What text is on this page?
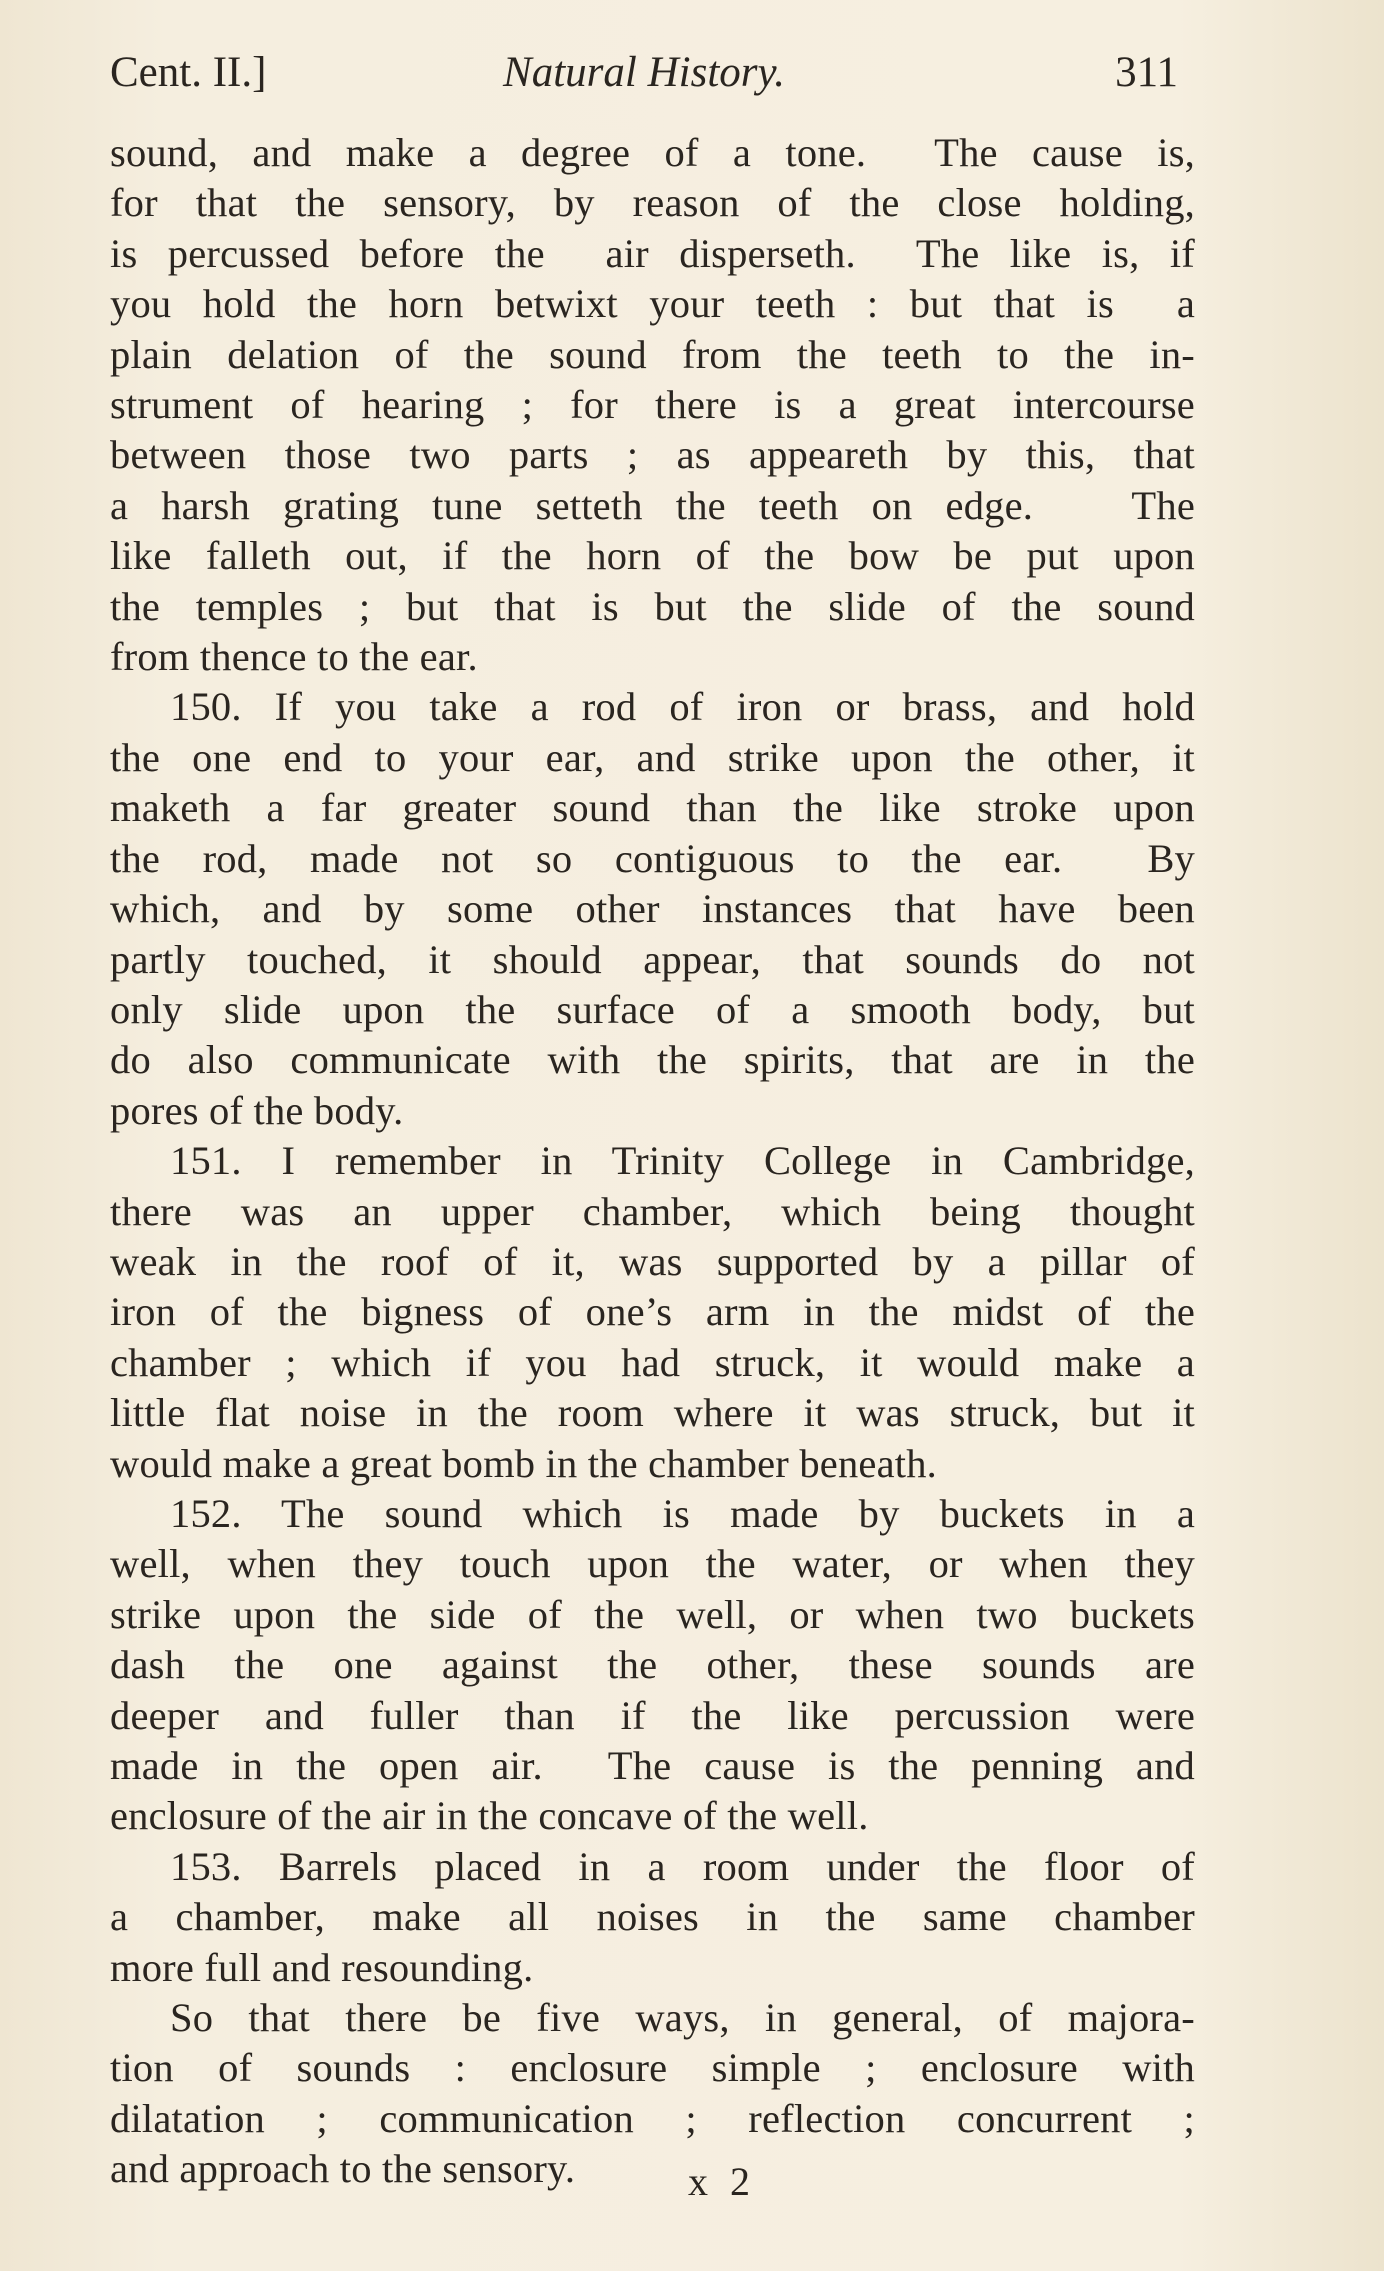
Cent. II.]	Natural History.	311
sound, and make a degree of a tone.  The cause is,
for that the sensory, by reason of the close holding,
is percussed before the  air disperseth.  The like is, if
you hold the horn betwixt your teeth : but that is  a
plain delation of the sound from the teeth to the in-
strument of hearing ; for there is a great intercourse
between those two parts ; as appeareth by this, that
a harsh grating tune setteth the teeth on edge.   The
like falleth out, if the horn of the bow be put upon
the temples ; but that is but the slide of the sound
from thence to the ear.
150. If you take a rod of iron or brass, and hold
the one end to your ear, and strike upon the other, it
maketh a far greater sound than the like stroke upon
the rod, made not so contiguous to the ear.  By
which, and by some other instances that have been
partly touched, it should appear, that sounds do not
only slide upon the surface of a smooth body, but
do also communicate with the spirits, that are in the
pores of the body.
151. I remember in Trinity College in Cambridge,
there was an upper chamber, which being thought
weak in the roof of it, was supported by a pillar of
iron of the bigness of one’s arm in the midst of the
chamber ; which if you had struck, it would make a
little flat noise in the room where it was struck, but it
would make a great bomb in the chamber beneath.
152. The sound which is made by buckets in a
well, when they touch upon the water, or when they
strike upon the side of the well, or when two buckets
dash the one against the other, these sounds are
deeper and fuller than if the like percussion were
made in the open air.  The cause is the penning and
enclosure of the air in the concave of the well.
153. Barrels placed in a room under the floor of
a chamber, make all noises in the same chamber
more full and resounding.
So that there be five ways, in general, of majora-
tion of sounds : enclosure simple ; enclosure with
dilatation ; communication ; reflection concurrent ;
and approach to the sensory.	x 2
